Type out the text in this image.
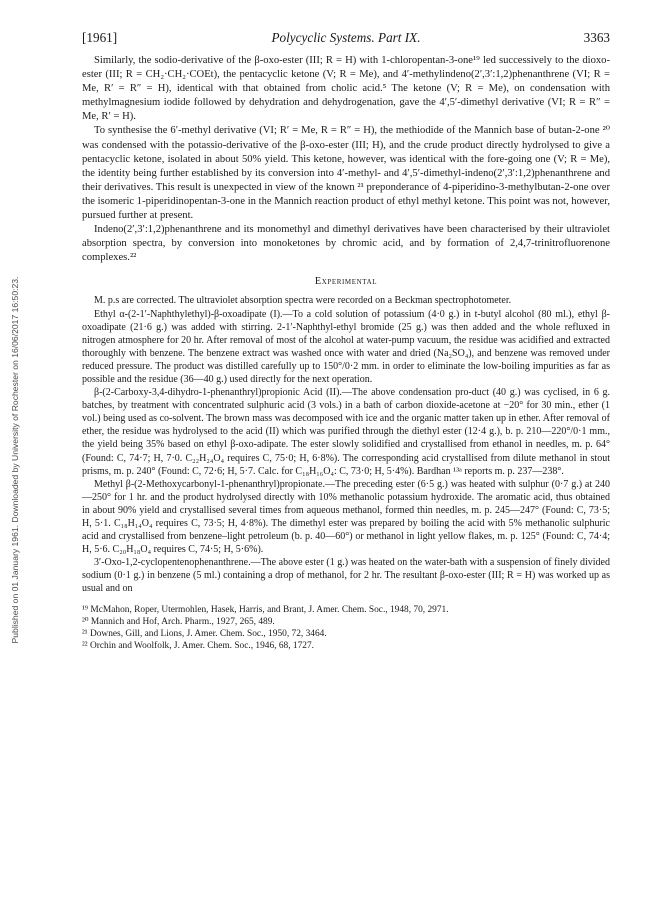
Published on 01 January 1961. Downloaded by University of Rochester on 16/06/2017 16:50:23.
[1961]	Polycyclic Systems. Part IX.	3363

Similarly, the sodio-derivative of the β-oxo-ester (III; R = H) with 1-chloropentan-3-one¹⁹ led successively to the dioxo-ester (III; R = CH₂·CH₂·COEt), the pentacyclic ketone (V; R = Me), and 4′-methylindeno(2′,3′:1,2)phenanthrene (VI; R = Me, R′ = R″ = H), identical with that obtained from cholic acid.⁵ The ketone (V; R = Me), on condensation with methylmagnesium iodide followed by dehydration and dehydrogenation, gave the 4′,5′-dimethyl derivative (VI; R = R″ = Me, R′ = H).

To synthesise the 6′-methyl derivative (VI; R′ = Me, R = R″ = H), the methiodide of the Mannich base of butan-2-one ²⁰ was condensed with the potassio-derivative of the β-oxo-ester (III; H), and the crude product directly hydrolysed to give a pentacyclic ketone, isolated in about 50% yield. This ketone, however, was identical with the fore-going one (V; R = Me), the identity being further established by its conversion into 4′-methyl- and 4′,5′-dimethyl-indeno(2′,3′:1,2)phenanthrene and their derivatives. This result is unexpected in view of the known ²¹ preponderance of 4-piperidino-3-methylbutan-2-one over the isomeric 1-piperidinopentan-3-one in the Mannich reaction product of ethyl methyl ketone. This point was not, however, pursued further at present.

Indeno(2′,3′:1,2)phenanthrene and its monomethyl and dimethyl derivatives have been characterised by their ultraviolet absorption spectra, by conversion into monoketones by chromic acid, and by formation of 2,4,7-trinitrofluorenone complexes.²²

Experimental

M. p.s are corrected. The ultraviolet absorption spectra were recorded on a Beckman spectrophotometer.

Ethyl α-(2-1′-Naphthylethyl)-β-oxoadipate (I).—To a cold solution of potassium (4·0 g.) in t-butyl alcohol (80 ml.), ethyl β-oxoadipate (21·6 g.) was added with stirring. 2-1′-Naphthyl-ethyl bromide (25 g.) was then added and the whole refluxed in nitrogen atmosphere for 20 hr. After removal of most of the alcohol at water-pump vacuum, the residue was acidified and extracted thoroughly with benzene. The benzene extract was washed once with water and dried (Na₂SO₄), and benzene was removed under reduced pressure. The product was distilled carefully up to 150°/0·2 mm. in order to eliminate the low-boiling impurities as far as possible and the residue (36—40 g.) used directly for the next operation.

β-(2-Carboxy-3,4-dihydro-1-phenanthryl)propionic Acid (II).—The above condensation pro-duct (40 g.) was cyclised, in 6 g. batches, by treatment with concentrated sulphuric acid (3 vols.) in a bath of carbon dioxide-acetone at −20° for 30 min., ether (1 vol.) being used as co-solvent. The brown mass was decomposed with ice and the organic matter taken up in ether. After removal of ether, the residue was hydrolysed to the acid (II) which was purified through the diethyl ester (12·4 g.), b. p. 210—220°/0·1 mm., the yield being 35% based on ethyl β-oxo-adipate. The ester slowly solidified and crystallised from ethanol in needles, m. p. 64° (Found: C, 74·7; H, 7·0. C₂₂H₂₄O₄ requires C, 75·0; H, 6·8%). The corresponding acid crystallised from dilute methanol in stout prisms, m. p. 240° (Found: C, 72·6; H, 5·7. Calc. for C₁₈H₁₆O₄: C, 73·0; H, 5·4%). Bardhan ¹³ᵃ reports m. p. 237—238°.

Methyl β-(2-Methoxycarbonyl-1-phenanthryl)propionate.—The preceding ester (6·5 g.) was heated with sulphur (0·7 g.) at 240—250° for 1 hr. and the product hydrolysed directly with 10% methanolic potassium hydroxide. The aromatic acid, thus obtained in about 90% yield and crystallised several times from aqueous methanol, formed thin needles, m. p. 245—247° (Found: C, 73·5; H, 5·1. C₁₈H₁₄O₄ requires C, 73·5; H, 4·8%). The dimethyl ester was prepared by boiling the acid with 5% methanolic sulphuric acid and crystallised from benzene–light petroleum (b. p. 40—60°) or methanol in light yellow flakes, m. p. 125° (Found: C, 74·4; H, 5·6. C₂₀H₁₈O₄ requires C, 74·5; H, 5·6%).

3′-Oxo-1,2-cyclopentenophenanthrene.—The above ester (1 g.) was heated on the water-bath with a suspension of finely divided sodium (0·1 g.) in benzene (5 ml.) containing a drop of methanol, for 2 hr. The resultant β-oxo-ester (III; R = H) was worked up as usual and on

¹⁹ McMahon, Roper, Utermohlen, Hasek, Harris, and Brant, J. Amer. Chem. Soc., 1948, 70, 2971.

²⁰ Mannich and Hof, Arch. Pharm., 1927, 265, 489.

²¹ Downes, Gill, and Lions, J. Amer. Chem. Soc., 1950, 72, 3464.

²² Orchin and Woolfolk, J. Amer. Chem. Soc., 1946, 68, 1727.
